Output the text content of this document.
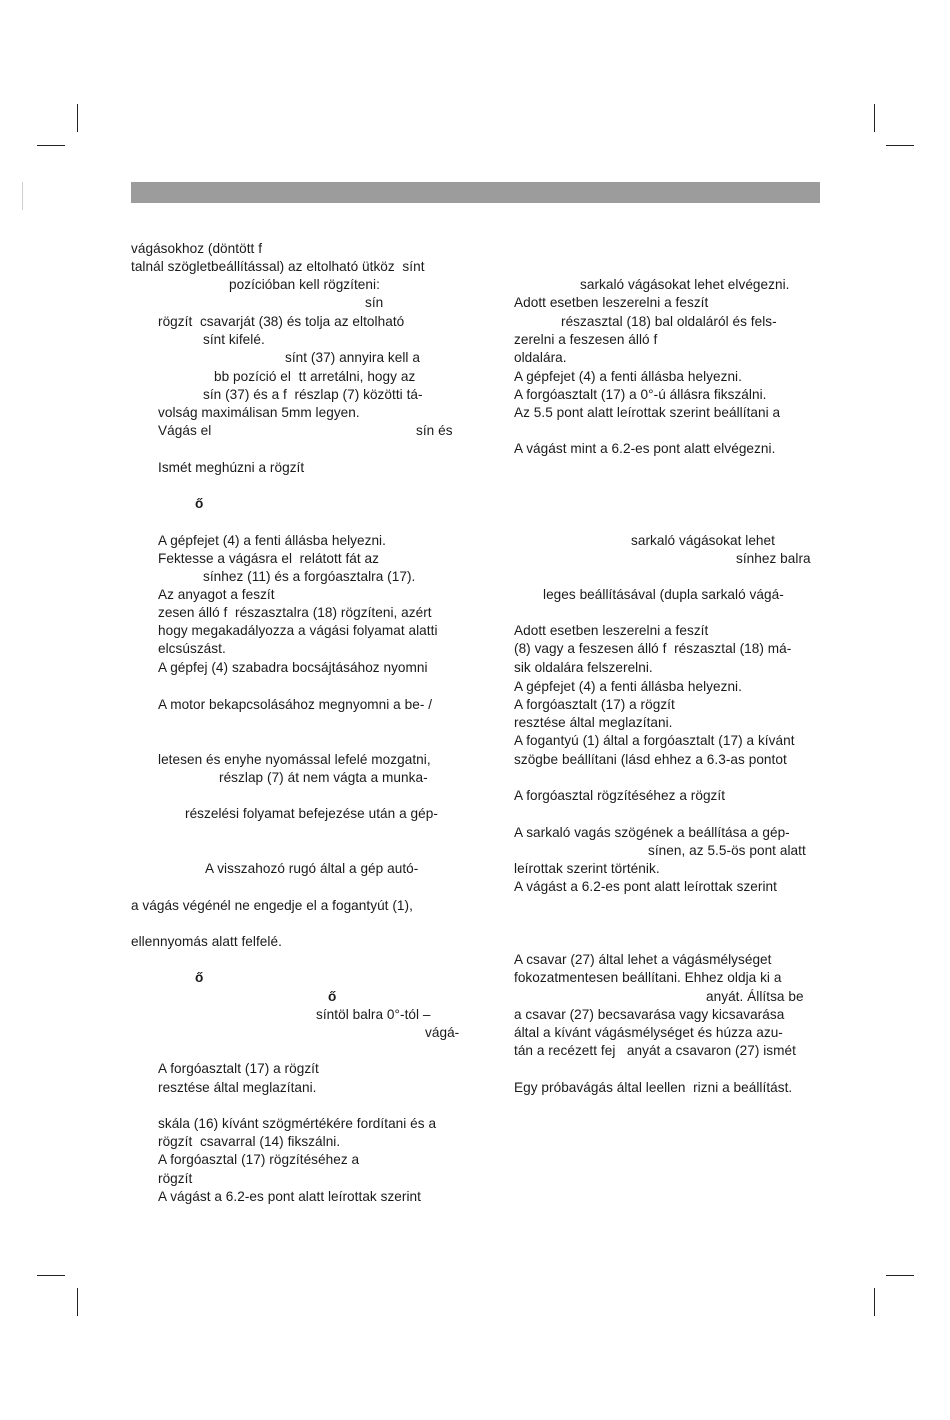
vágásokhoz (döntött f
talnál szögletbeállítással) az eltolható ütköz  sínt
pozícióban kell rögzíteni:
sín
rögzít  csavarját (38) és tolja az eltolható
sínt kifelé.
sínt (37) annyira kell a
bb pozíció el  tt arretálni, hogy az
sín (37) és a f  részlap (7) közötti tá-
volság maximálisan 5mm legyen.
Vágás el	sín és
Ismét meghúzni a rögzít
ő
A gépfejet (4) a fenti állásba helyezni.
Fektesse a vágásra el  relátott fát az
sínhez (11) és a forgóasztalra (17).
Az anyagot a feszít
zesen álló f  részasztalra (18) rögzíteni, azért
hogy megakadályozza a vágási folyamat alatti
elcsúszást.
A gépfej (4) szabadra bocsájtásához nyomni
A motor bekapcsolásához megnyomni a be- /
letesen és enyhe nyomással lefelé mozgatni,
részlap (7) át nem vágta a munka-
részelési folyamat befejezése után a gép-
A visszahozó rugó által a gép autó-
a vágás végénél ne engedje el a fogantyút (1),
ellennyomás alatt felfelé.
ő
ő
síntöl balra 0°-tól –
vágá-
A forgóasztalt (17) a rögzít
resztése által meglazítani.
skála (16) kívánt szögmértékére fordítani és a
rögzít  csavarral (14) fikszálni.
A forgóasztal (17) rögzítéséhez a
rögzít
A vágást a 6.2-es pont alatt leírottak szerint
sarkaló vágásokat lehet elvégezni.
Adott esetben leszerelni a feszít
részasztal (18) bal oldaláról és fels-
zerelni a feszesen álló f
oldalára.
A gépfejet (4) a fenti állásba helyezni.
A forgóasztalt (17) a 0°-ú állásra fikszálni.
Az 5.5 pont alatt leírottak szerint beállítani a
A vágást mint a 6.2-es pont alatt elvégezni.
sarkaló vágásokat lehet
sínhez balra
leges beállításával (dupla sarkaló vágá-
Adott esetben leszerelni a feszít
(8) vagy a feszesen álló f  részasztal (18) má-
sik oldalára felszerelni.
A gépfejet (4) a fenti állásba helyezni.
A forgóasztalt (17) a rögzít
resztése által meglazítani.
A fogantyú (1) által a forgóasztalt (17) a kívánt
szögbe beállítani (lásd ehhez a 6.3-as pontot
A forgóasztal rögzítéséhez a rögzít
A sarkaló vagás szögének a beállítása a gép-
sínen, az 5.5-ös pont alatt
leírottak szerint történik.
A vágást a 6.2-es pont alatt leírottak szerint
A csavar (27) által lehet a vágásmélységet
fokozatmentesen beállítani. Ehhez oldja ki a
anyát. Állítsa be
a csavar (27) becsavarása vagy kicsavarása
által a kívánt vágásmélységet és húzza azu-
tán a recézett fej   anyát a csavaron (27) ismét
Egy próbavágás által leellen  rizni a beállítást.
